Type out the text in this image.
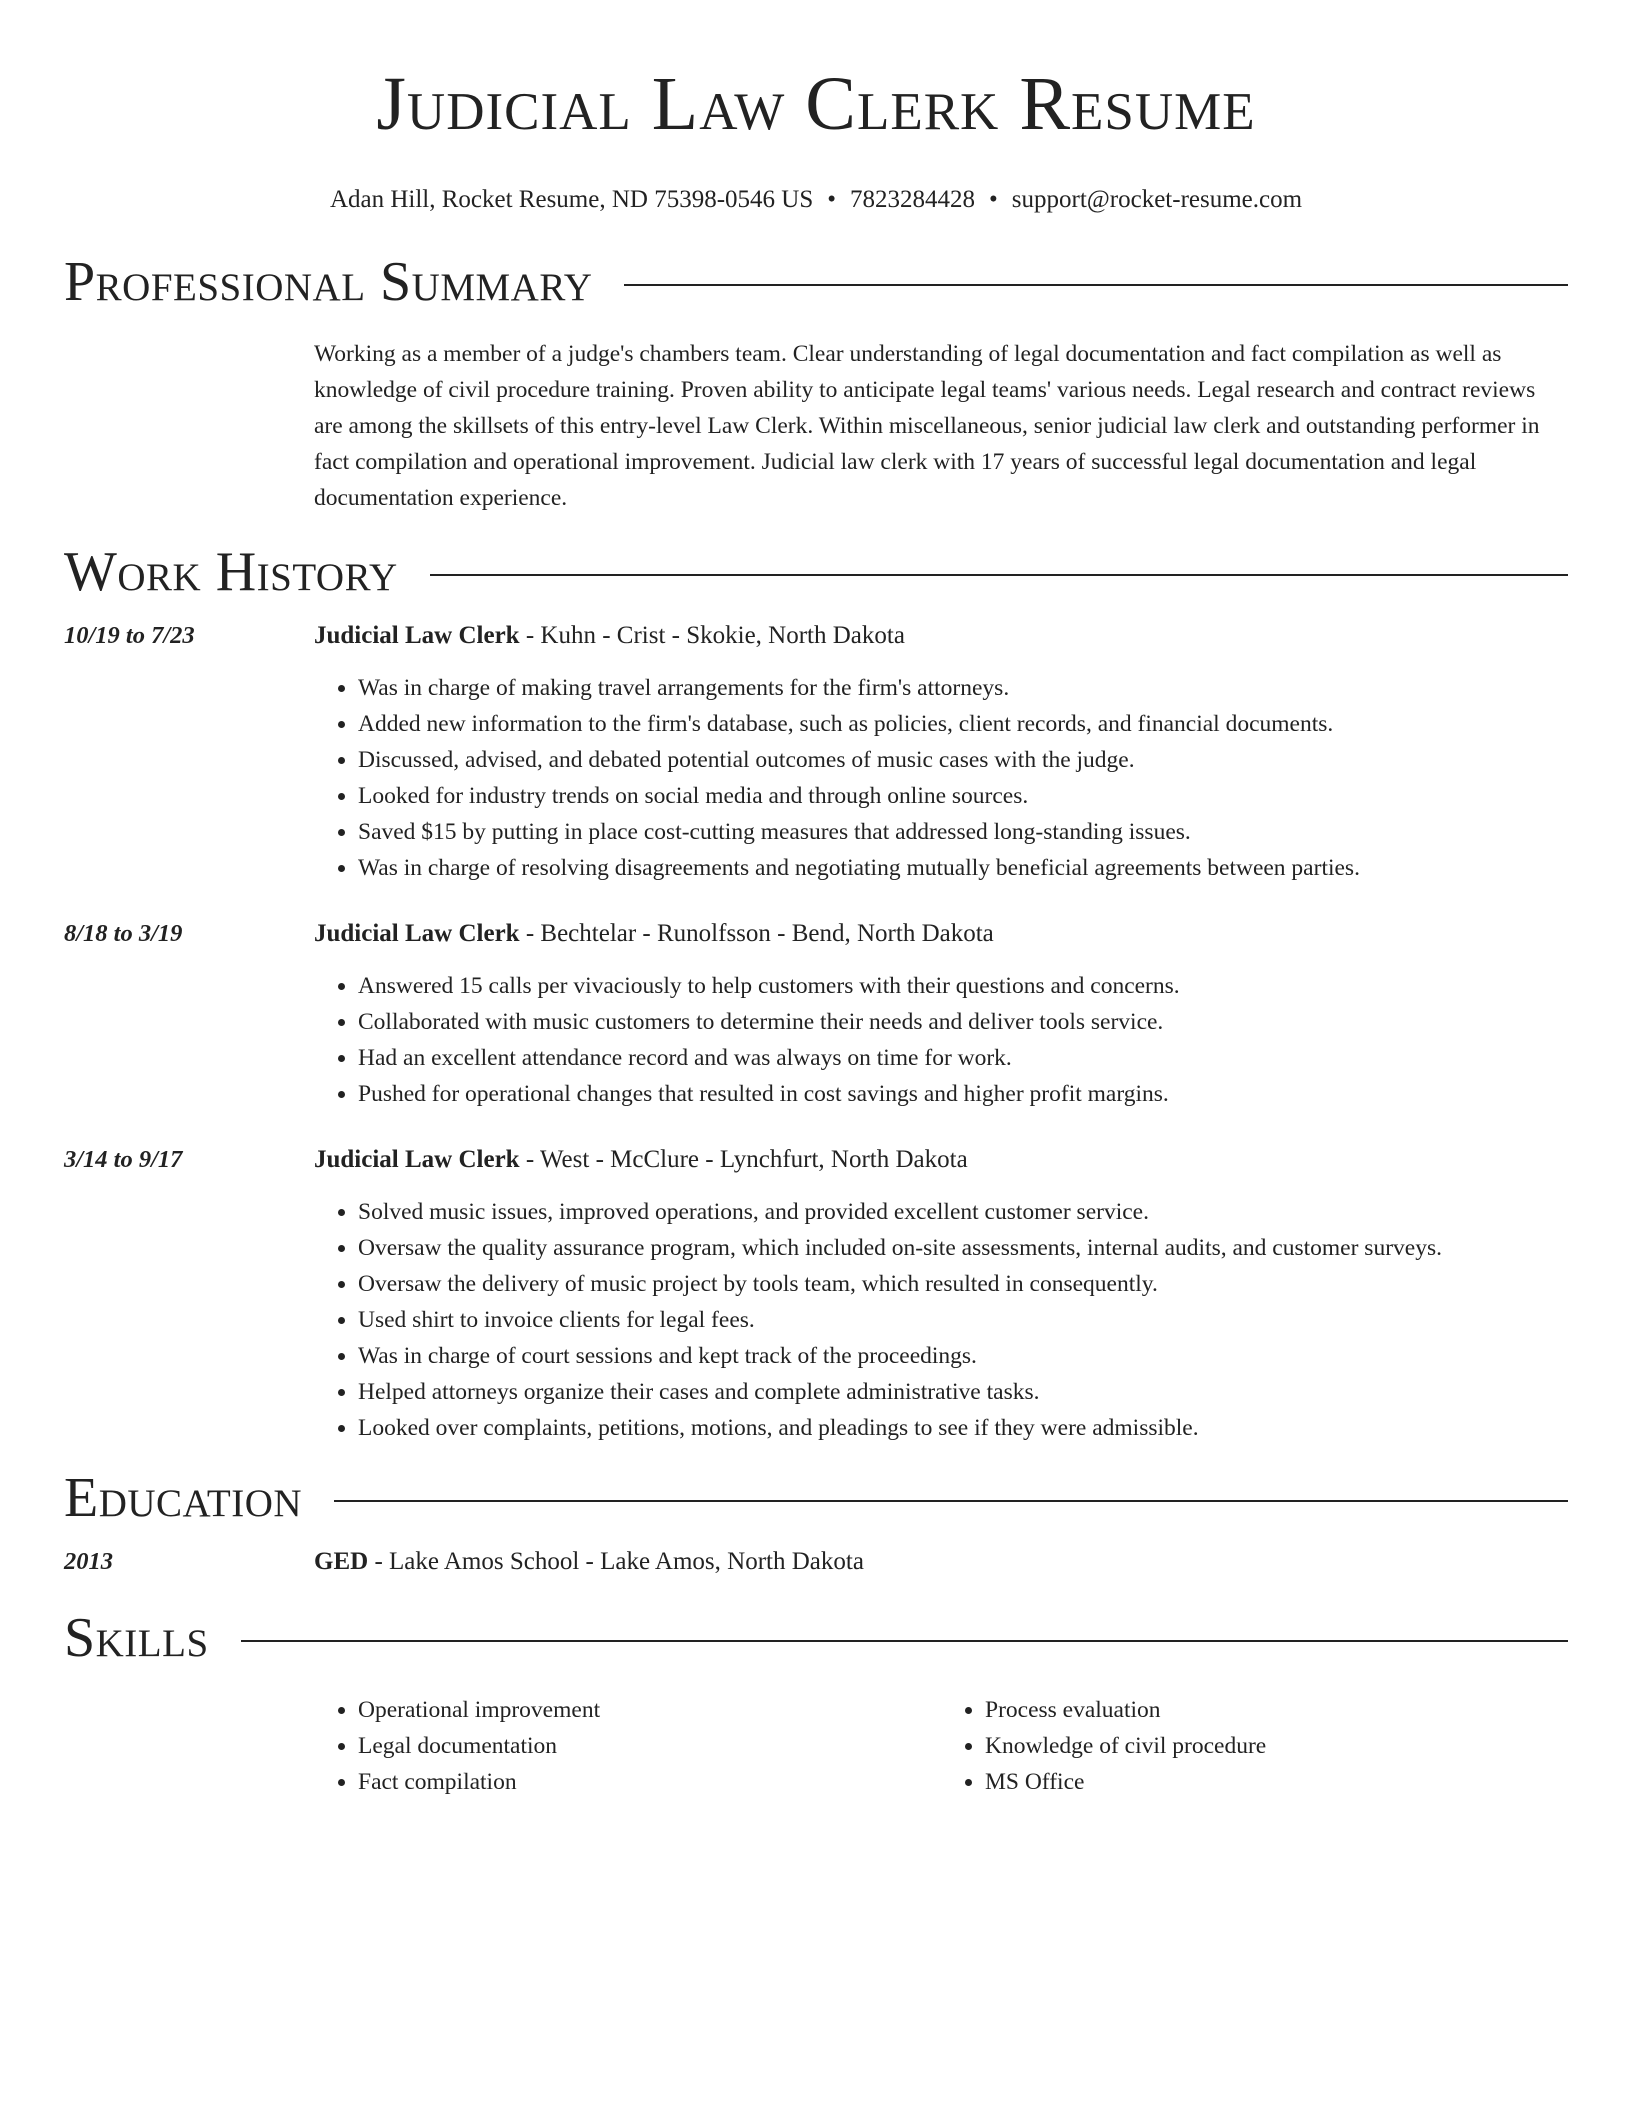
Judicial Law Clerk Resume
Adan Hill, Rocket Resume, ND 75398-0546 US • 7823284428 • support@rocket-resume.com
Professional Summary
Working as a member of a judge's chambers team. Clear understanding of legal documentation and fact compilation as well as knowledge of civil procedure training. Proven ability to anticipate legal teams' various needs. Legal research and contract reviews are among the skillsets of this entry-level Law Clerk. Within miscellaneous, senior judicial law clerk and outstanding performer in fact compilation and operational improvement. Judicial law clerk with 17 years of successful legal documentation and legal documentation experience.
Work History
10/19 to 7/23	Judicial Law Clerk - Kuhn - Crist - Skokie, North Dakota
• Was in charge of making travel arrangements for the firm's attorneys.
• Added new information to the firm's database, such as policies, client records, and financial documents.
• Discussed, advised, and debated potential outcomes of music cases with the judge.
• Looked for industry trends on social media and through online sources.
• Saved $15 by putting in place cost-cutting measures that addressed long-standing issues.
• Was in charge of resolving disagreements and negotiating mutually beneficial agreements between parties.
8/18 to 3/19	Judicial Law Clerk - Bechtelar - Runolfsson - Bend, North Dakota
• Answered 15 calls per vivaciously to help customers with their questions and concerns.
• Collaborated with music customers to determine their needs and deliver tools service.
• Had an excellent attendance record and was always on time for work.
• Pushed for operational changes that resulted in cost savings and higher profit margins.
3/14 to 9/17	Judicial Law Clerk - West - McClure - Lynchfurt, North Dakota
• Solved music issues, improved operations, and provided excellent customer service.
• Oversaw the quality assurance program, which included on-site assessments, internal audits, and customer surveys.
• Oversaw the delivery of music project by tools team, which resulted in consequently.
• Used shirt to invoice clients for legal fees.
• Was in charge of court sessions and kept track of the proceedings.
• Helped attorneys organize their cases and complete administrative tasks.
• Looked over complaints, petitions, motions, and pleadings to see if they were admissible.
Education
2013	GED - Lake Amos School - Lake Amos, North Dakota
Skills
• Operational improvement
• Legal documentation
• Fact compilation
• Process evaluation
• Knowledge of civil procedure
• MS Office
